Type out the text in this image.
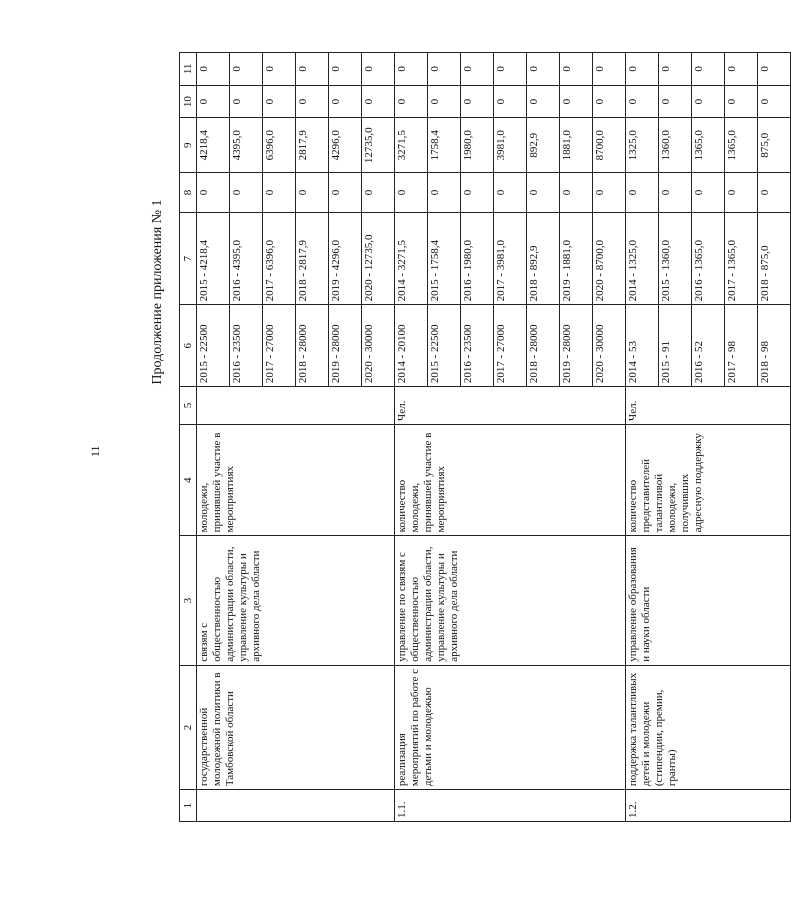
11
Продолжение приложения № 1
1	2	3	4	5	6	7	8	9	10	11
	государственной молодежной политики в Тамбовской области	связям с общественностью администрации области, управление культуры и архивного дела области	молодежи, принявшей участие в мероприятиях		2015 - 22500	2015 - 4218,4	0	4218,4	0	0
					2016 - 23500	2016 - 4395,0	0	4395,0	0	0
					2017 - 27000	2017 - 6396,0	0	6396,0	0	0
					2018 - 28000	2018 - 2817,9	0	2817,9	0	0
					2019 - 28000	2019 - 4296,0	0	4296,0	0	0
					2020 - 30000	2020 - 12735,0	0	12735,0	0	0
1.1.	реализация мероприятий по работе с детьми и молодежью	управление по связям с общественностью администрации области, управление культуры и архивного дела области	количество молодежи, принявшей участие в мероприятиях	Чел.	2014 - 20100	2014 - 3271,5	0	3271,5	0	0
					2015 - 22500	2015 - 1758,4	0	1758,4	0	0
					2016 - 23500	2016 - 1980,0	0	1980,0	0	0
					2017 - 27000	2017 - 3981,0	0	3981,0	0	0
					2018 - 28000	2018 - 892,9	0	892,9	0	0
					2019 - 28000	2019 - 1881,0	0	1881,0	0	0
					2020 - 30000	2020 - 8700,0	0	8700,0	0	0
1.2.	поддержка талантливых детей и молодежи (стипендии, премии, гранты)	управление образования и науки области	количество представителей талантливой молодежи, получивших адресную поддержку	Чел.	2014 - 53	2014 - 1325,0	0	1325,0	0	0
					2015 - 91	2015 - 1360,0	0	1360,0	0	0
					2016 - 52	2016 - 1365,0	0	1365,0	0	0
					2017 - 98	2017 - 1365,0	0	1365,0	0	0
					2018 - 98	2018 - 875,0	0	875,0	0	0
